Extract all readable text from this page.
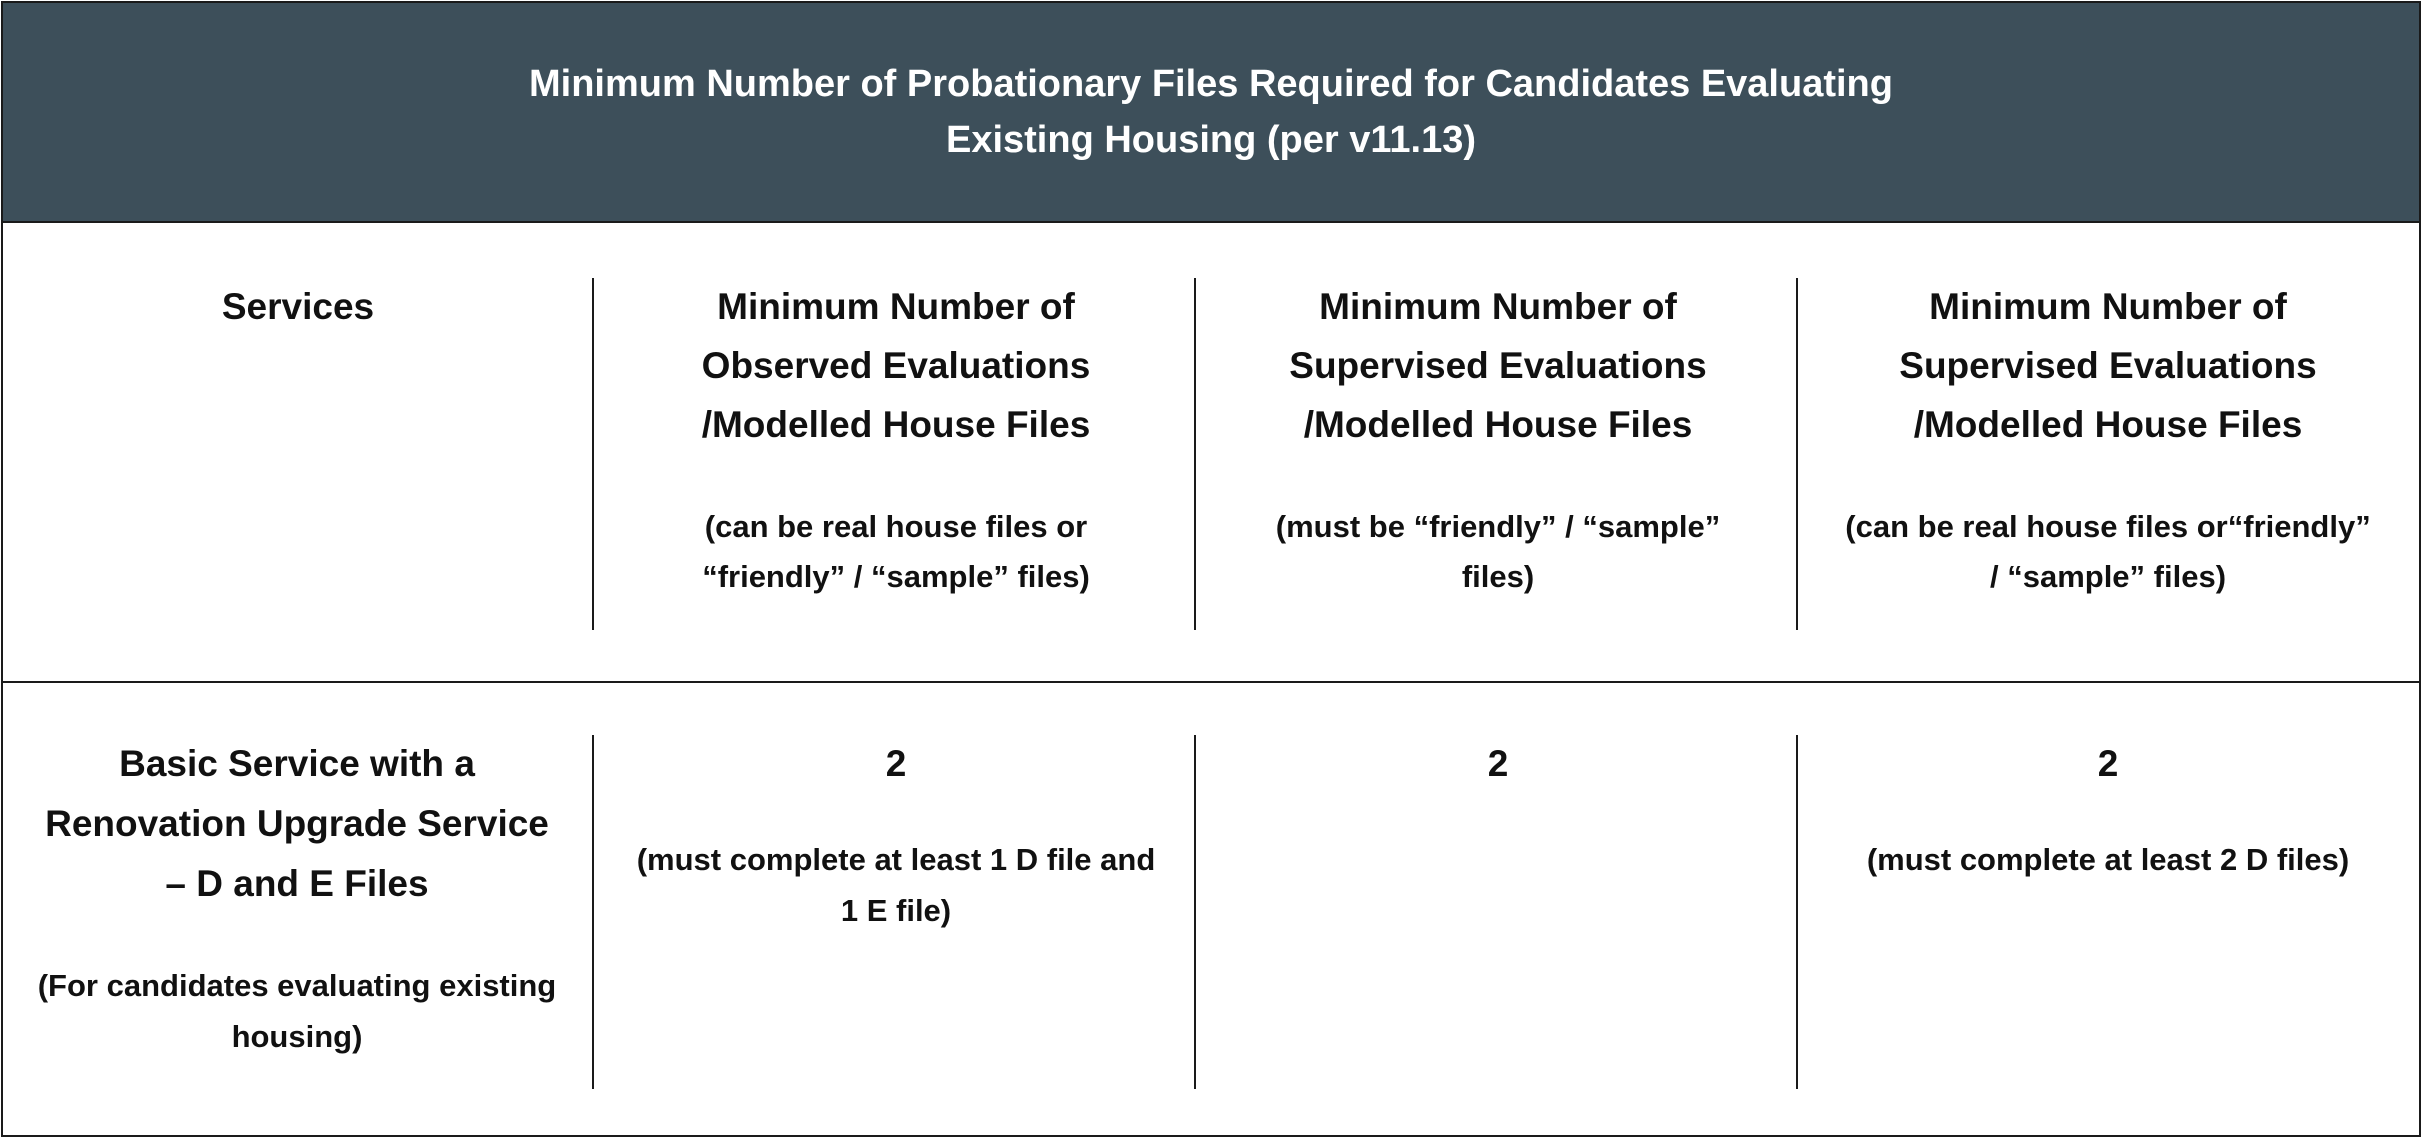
Minimum Number of Probationary Files Required for Candidates Evaluating
Existing Housing (per v11.13)
Services	Minimum Number of
Observed Evaluations
/Modelled House Files
(can be real house files or
“friendly” / “sample” files)
Minimum Number of
Supervised Evaluations
/Modelled House Files
(must be “friendly” / “sample”
files)
Minimum Number of
Supervised Evaluations
/Modelled House Files
(can be real house files or“friendly”
/ “sample” files)
Basic Service with a
Renovation Upgrade Service
– D and E Files
(For candidates evaluating existing
housing)
2
(must complete at least 1 D file and
1 E file)
2	2
(must complete at least 2 D files)
